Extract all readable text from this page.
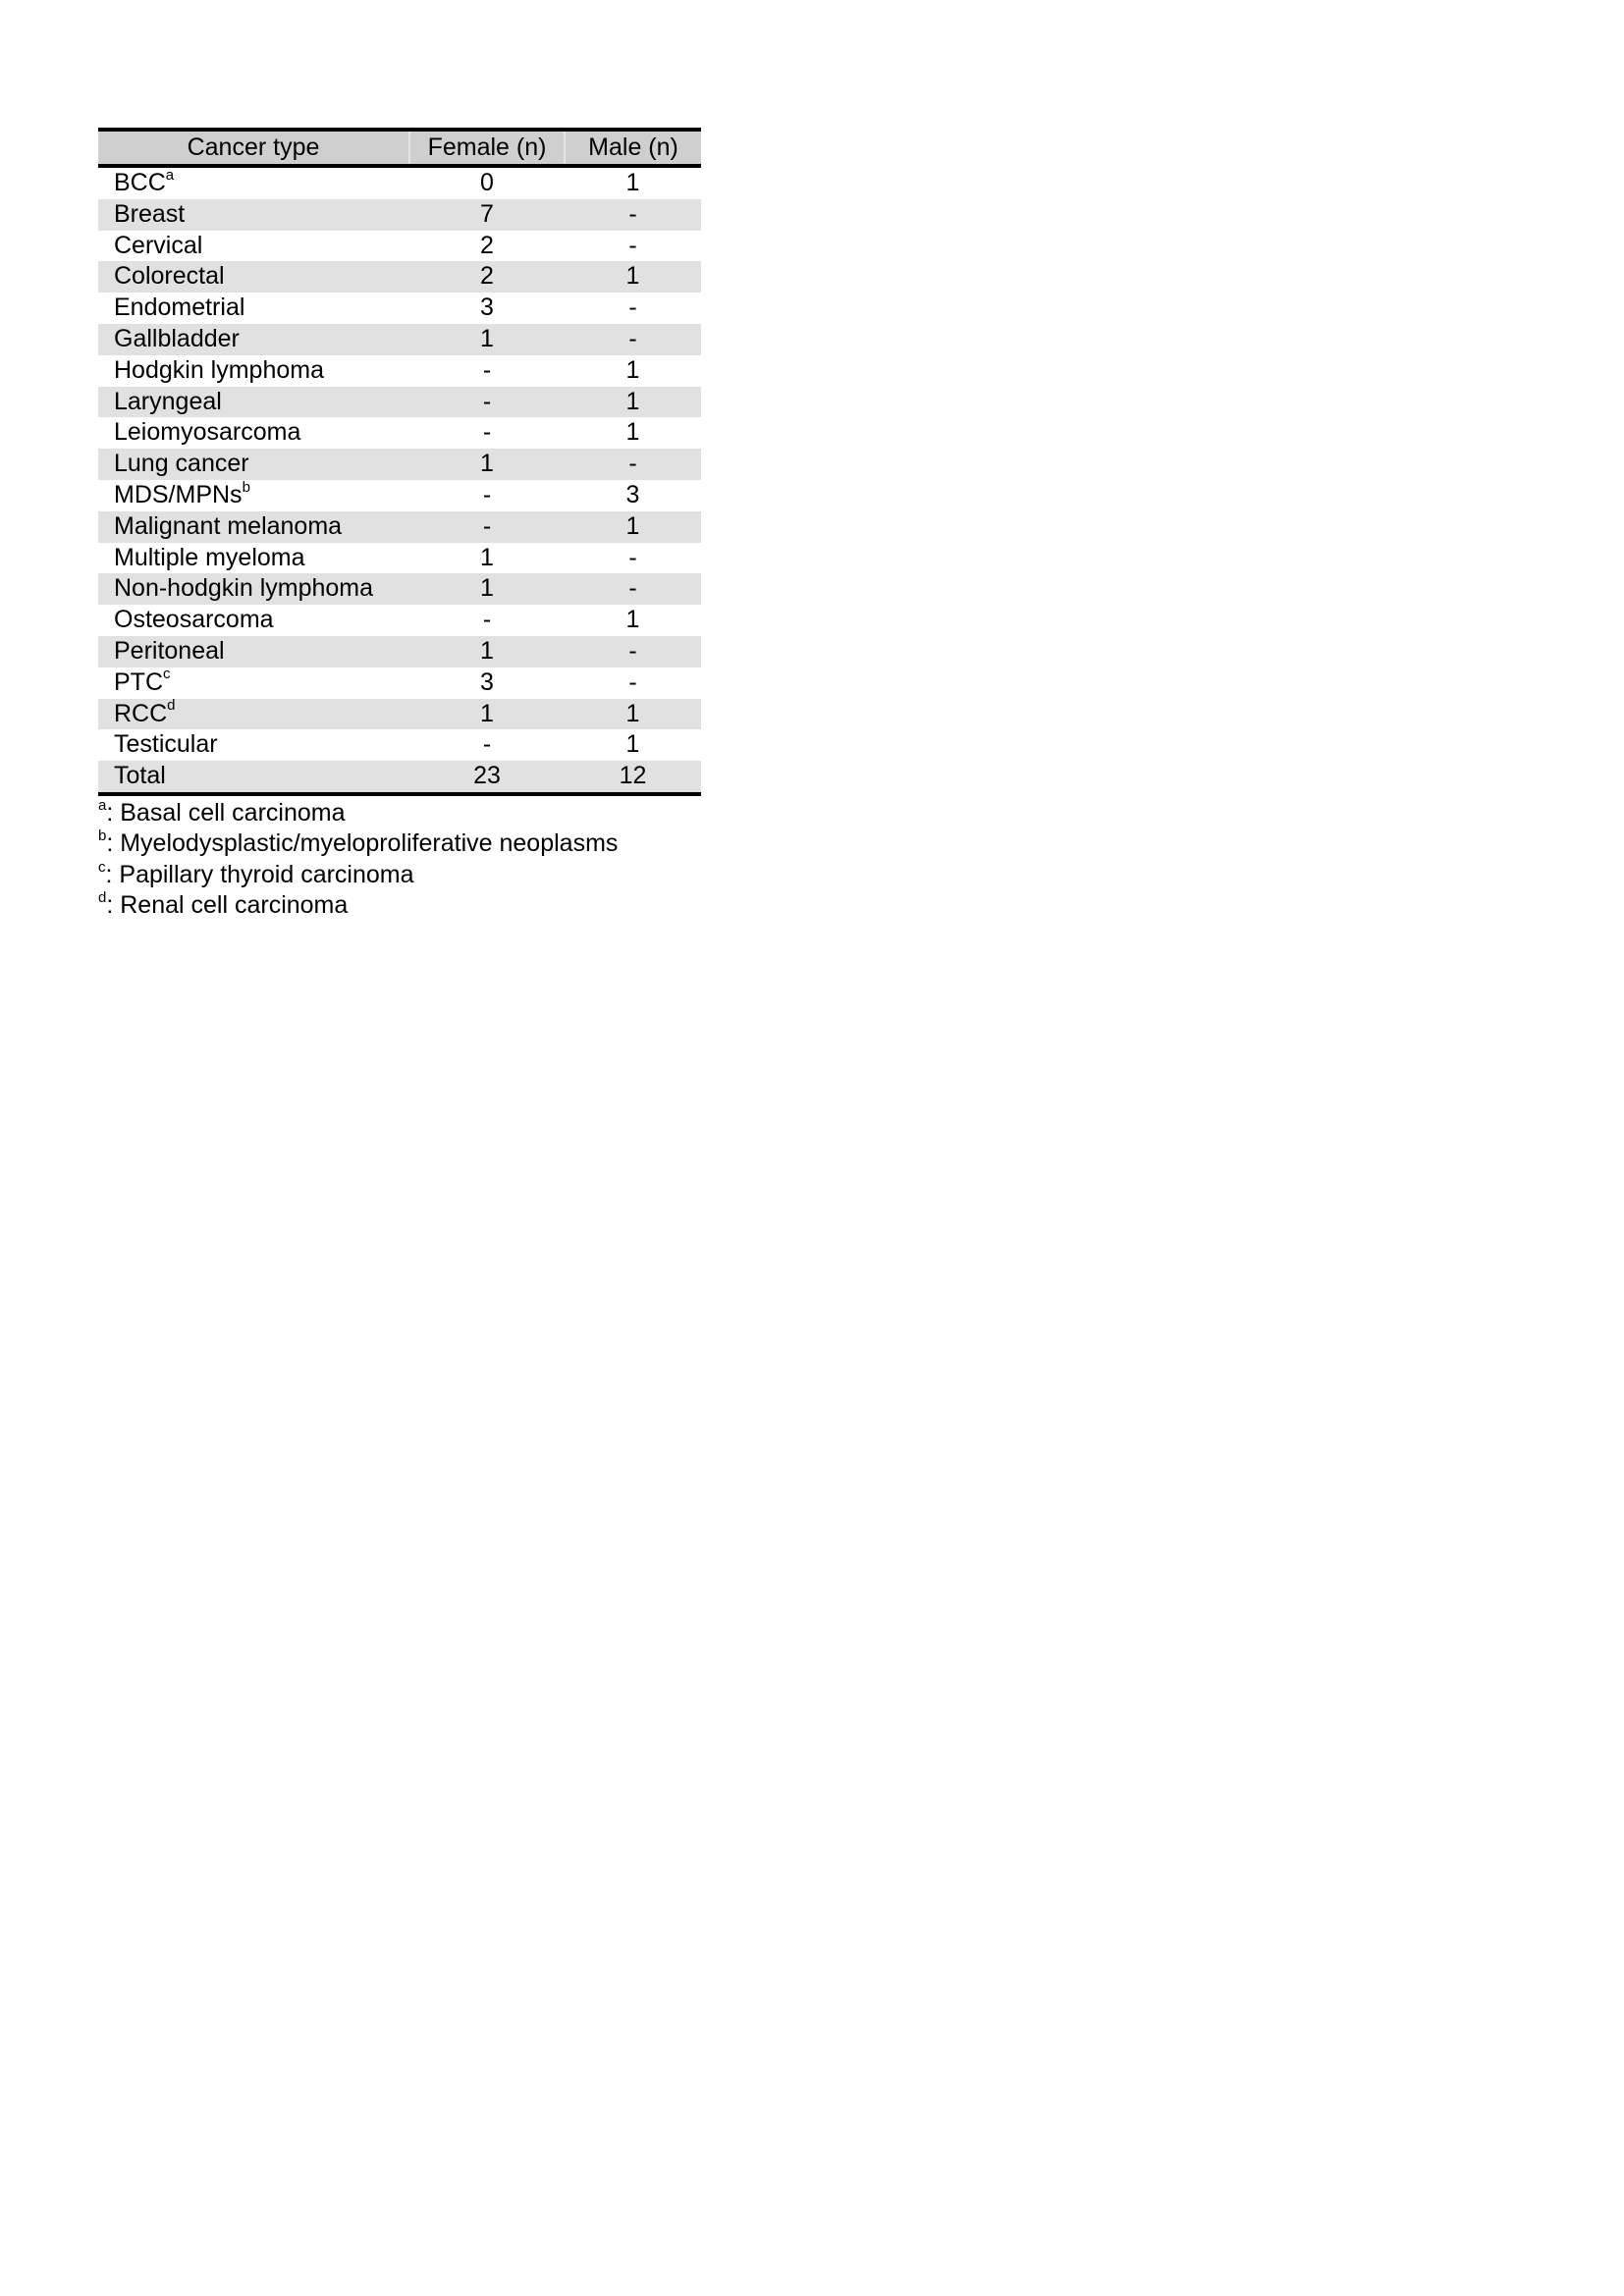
Cancer type	Female (n)	Male (n)
BCC$^a$	0	1
Breast	7	-
Cervical	2	-
Colorectal	2	1
Endometrial	3	-
Gallbladder	1	-
Hodgkin lymphoma	-	1
Laryngeal	-	1
Leiomyosarcoma	-	1
Lung cancer	1	-
MDS/MPNs$^b$	-	3
Malignant melanoma	-	1
Multiple myeloma	1	-
Non-hodgkin lymphoma	1	-
Osteosarcoma	-	1
Peritoneal	1	-
PTC$^c$	3	-
RCC$^d$	1	1
Testicular	-	1
Total	23	12
$^a$: Basal cell carcinoma
$^b$: Myelodysplastic/myeloproliferative neoplasms
$^c$: Papillary thyroid carcinoma
$^d$: Renal cell carcinoma
